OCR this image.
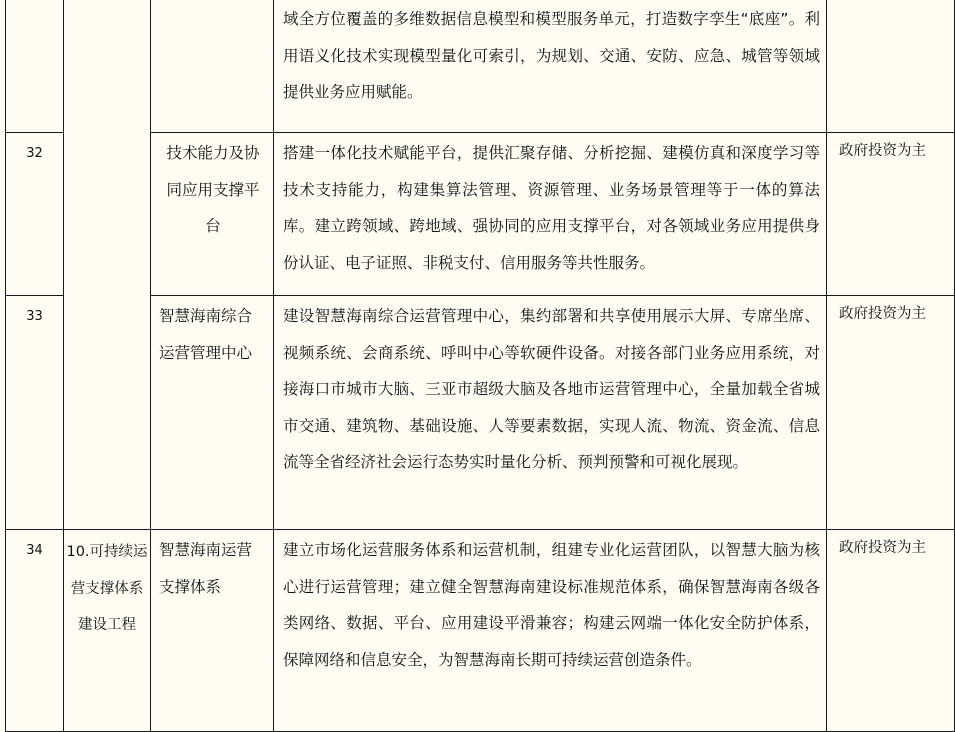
			域全方位覆盖的多维数据信息模型和模型服务单元，打造数字孪生“底座”。利用语义化技术实现模型量化可索引，为规划、交通、安防、应急、城管等领域提供业务应用赋能。	
32		技术能力及协同应用支撑平台	搭建一体化技术赋能平台，提供汇聚存储、分析挖掘、建模仿真和深度学习等技术支持能力，构建集算法管理、资源管理、业务场景管理等于一体的算法库。建立跨领域、跨地域、强协同的应用支撑平台，对各领域业务应用提供身份认证、电子证照、非税支付、信用服务等共性服务。	政府投资为主
33		智慧海南综合运营管理中心	建设智慧海南综合运营管理中心，集约部署和共享使用展示大屏、专席坐席、视频系统、会商系统、呼叫中心等软硬件设备。对接各部门业务应用系统，对接海口市城市大脑、三亚市超级大脑及各地市运营管理中心，全量加载全省城市交通、建筑物、基础设施、人等要素数据，实现人流、物流、资金流、信息流等全省经济社会运行态势实时量化分析、预判预警和可视化展现。	政府投资为主
34	10.可持续运营支撑体系建设工程	智慧海南运营支撑体系	建立市场化运营服务体系和运营机制，组建专业化运营团队，以智慧大脑为核心进行运营管理；建立健全智慧海南建设标准规范体系，确保智慧海南各级各类网络、数据、平台、应用建设平滑兼容；构建云网端一体化安全防护体系，保障网络和信息安全，为智慧海南长期可持续运营创造条件。	政府投资为主
